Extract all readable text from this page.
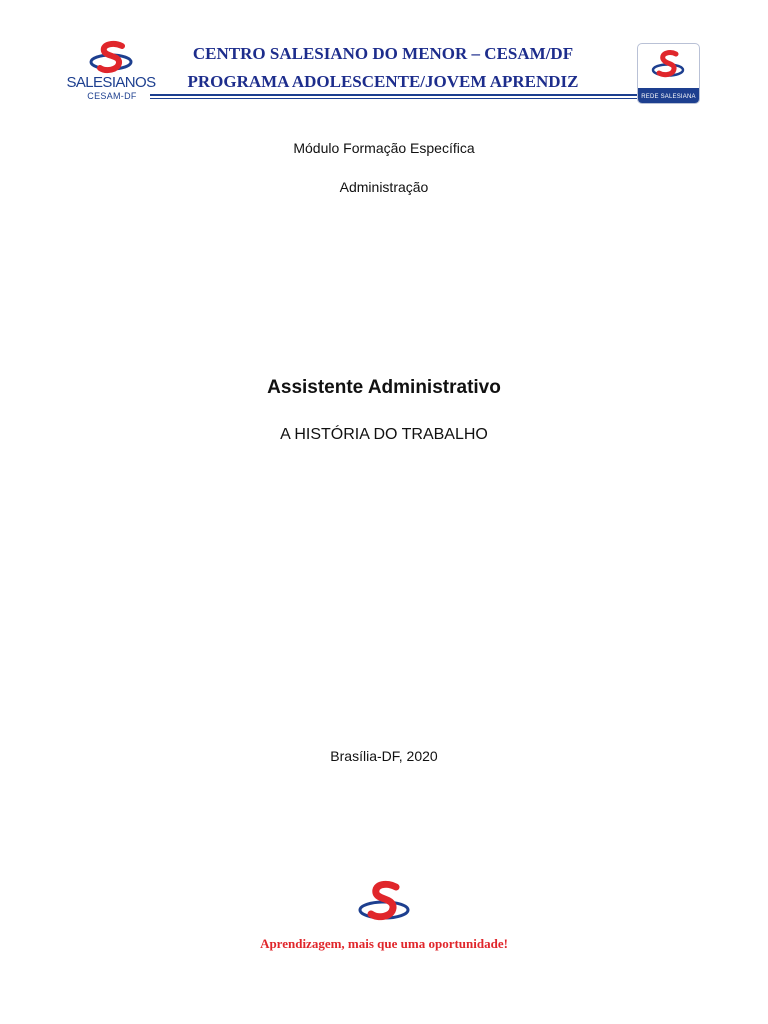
SALESIANOS
CESAM-DF
CENTRO SALESIANO DO MENOR – CESAM/DF
PROGRAMA ADOLESCENTE/JOVEM APRENDIZ
REDE SALESIANA
Módulo Formação Específica
Administração
Assistente Administrativo
A HISTÓRIA DO TRABALHO
Brasília-DF, 2020
Aprendizagem, mais que uma oportunidade!
